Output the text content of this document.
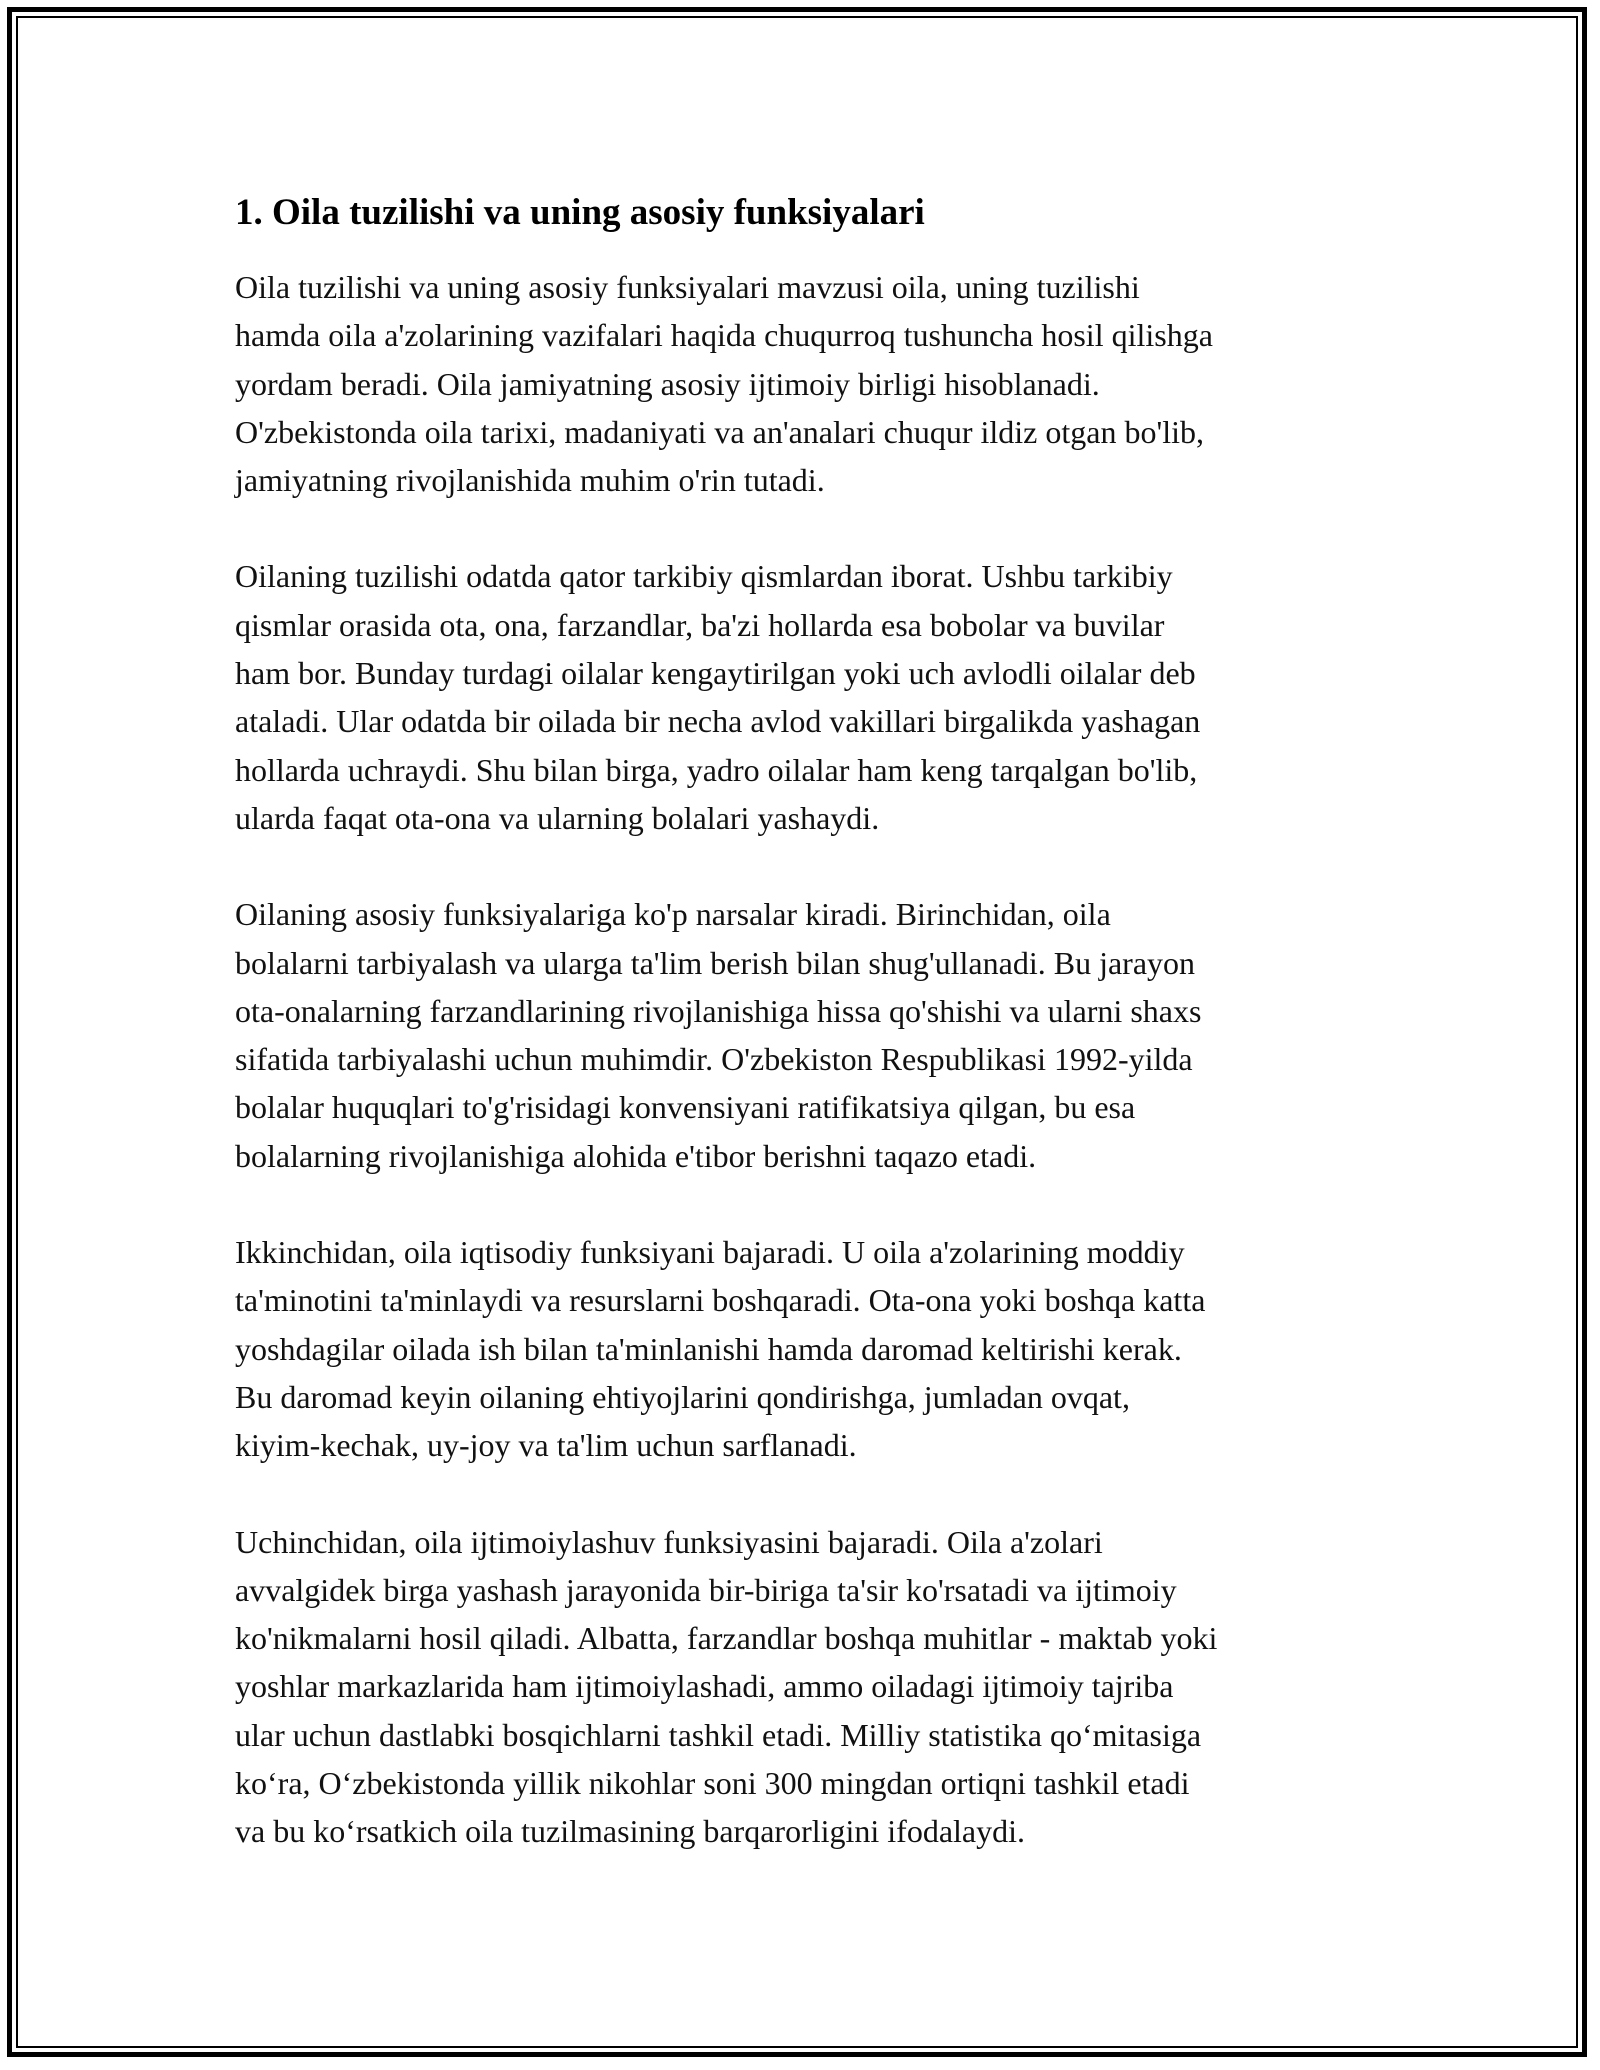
1. Oila tuzilishi va uning asosiy funksiyalari

Oila tuzilishi va uning asosiy funksiyalari mavzusi oila, uning tuzilishi
hamda oila a'zolarining vazifalari haqida chuqurroq tushuncha hosil qilishga
yordam beradi. Oila jamiyatning asosiy ijtimoiy birligi hisoblanadi.
O'zbekistonda oila tarixi, madaniyati va an'analari chuqur ildiz otgan bo'lib,
jamiyatning rivojlanishida muhim o'rin tutadi.

Oilaning tuzilishi odatda qator tarkibiy qismlardan iborat. Ushbu tarkibiy
qismlar orasida ota, ona, farzandlar, ba'zi hollarda esa bobolar va buvilar
ham bor. Bunday turdagi oilalar kengaytirilgan yoki uch avlodli oilalar deb
ataladi. Ular odatda bir oilada bir necha avlod vakillari birgalikda yashagan
hollarda uchraydi. Shu bilan birga, yadro oilalar ham keng tarqalgan bo'lib,
ularda faqat ota-ona va ularning bolalari yashaydi.

Oilaning asosiy funksiyalariga ko'p narsalar kiradi. Birinchidan, oila
bolalarni tarbiyalash va ularga ta'lim berish bilan shug'ullanadi. Bu jarayon
ota-onalarning farzandlarining rivojlanishiga hissa qo'shishi va ularni shaxs
sifatida tarbiyalashi uchun muhimdir. O'zbekiston Respublikasi 1992-yilda
bolalar huquqlari to'g'risidagi konvensiyani ratifikatsiya qilgan, bu esa
bolalarning rivojlanishiga alohida e'tibor berishni taqazo etadi.

Ikkinchidan, oila iqtisodiy funksiyani bajaradi. U oila a'zolarining moddiy
ta'minotini ta'minlaydi va resurslarni boshqaradi. Ota-ona yoki boshqa katta
yoshdagilar oilada ish bilan ta'minlanishi hamda daromad keltirishi kerak.
Bu daromad keyin oilaning ehtiyojlarini qondirishga, jumladan ovqat,
kiyim-kechak, uy-joy va ta'lim uchun sarflanadi.

Uchinchidan, oila ijtimoiylashuv funksiyasini bajaradi. Oila a'zolari
avvalgidek birga yashash jarayonida bir-biriga ta'sir ko'rsatadi va ijtimoiy
ko'nikmalarni hosil qiladi. Albatta, farzandlar boshqa muhitlar - maktab yoki
yoshlar markazlarida ham ijtimoiylashadi, ammo oiladagi ijtimoiy tajriba
ular uchun dastlabki bosqichlarni tashkil etadi. Milliy statistika qo‘mitasiga
ko‘ra, O‘zbekistonda yillik nikohlar soni 300 mingdan ortiqni tashkil etadi
va bu ko‘rsatkich oila tuzilmasining barqarorligini ifodalaydi.
